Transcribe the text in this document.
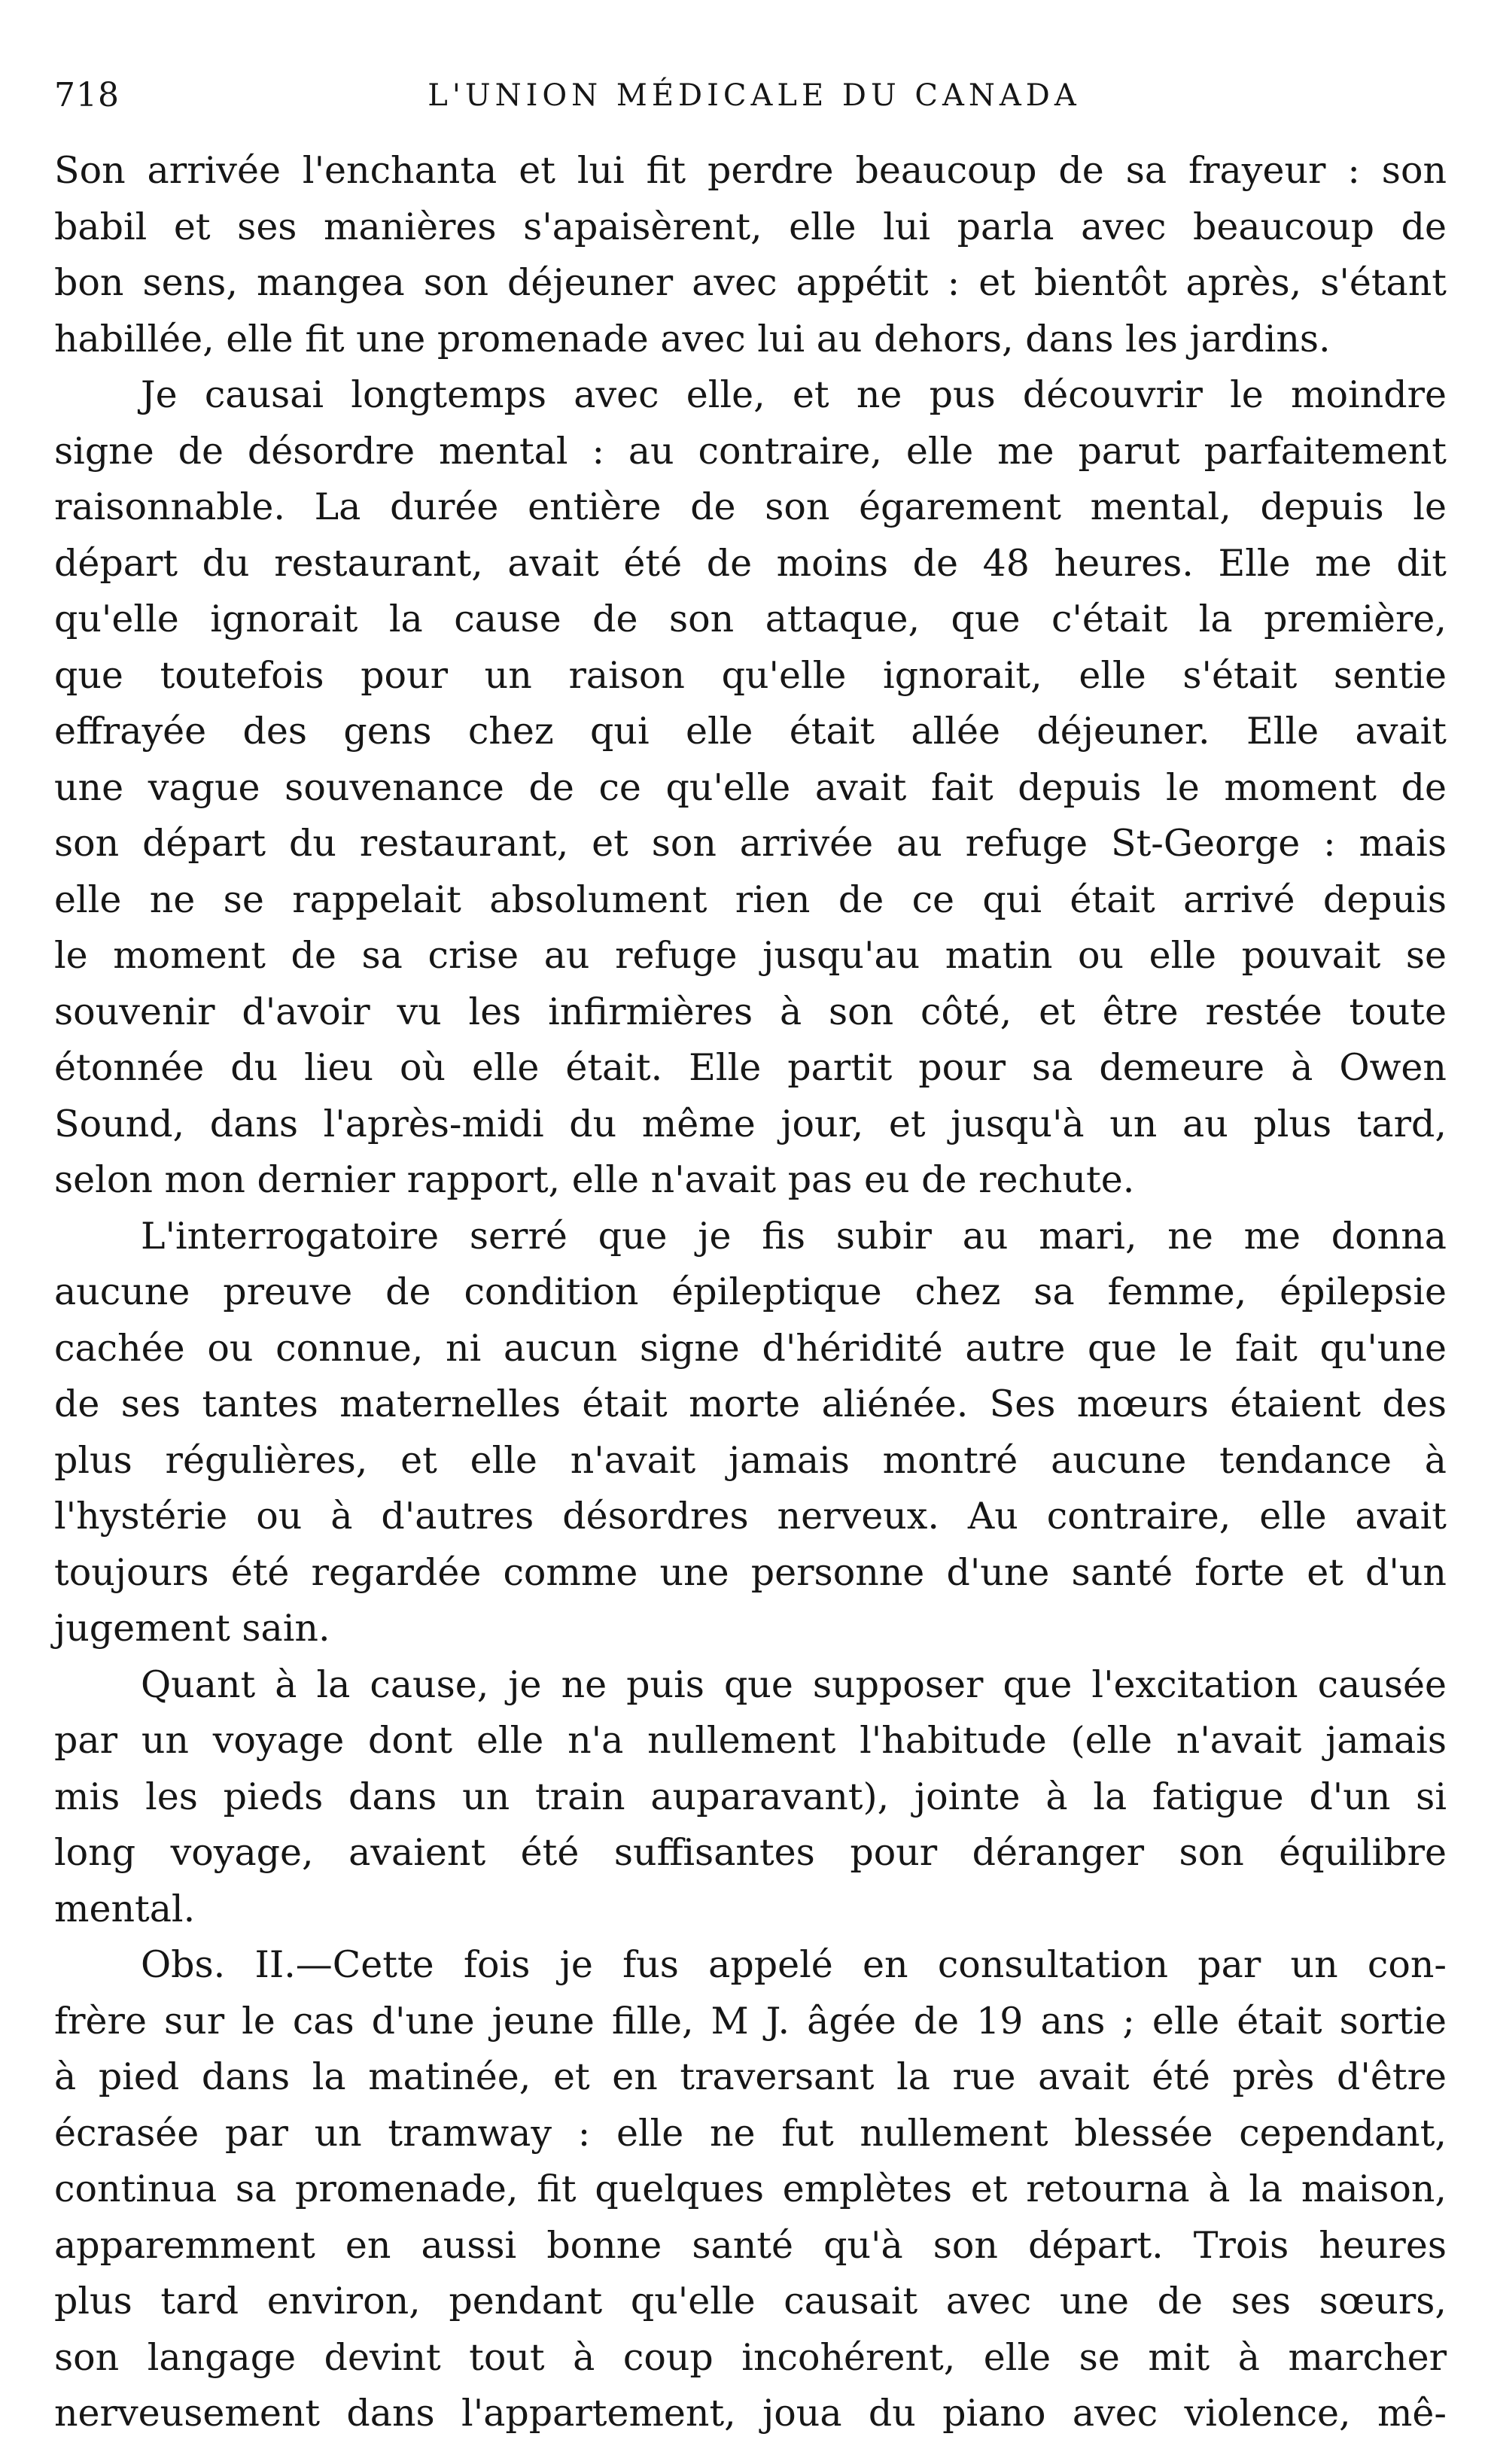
718	L'UNION MÉDICALE DU CANADA
Son arrivée l'enchanta et lui fit perdre beaucoup de sa frayeur : son
babil et ses manières s'apaisèrent, elle lui parla avec beaucoup de
bon sens, mangea son déjeuner avec appétit : et bientôt après, s'étant
habillée, elle fit une promenade avec lui au dehors, dans les jardins.
Je causai longtemps avec elle, et ne pus découvrir le moindre
signe de désordre mental : au contraire, elle me parut parfaitement
raisonnable. La durée entière de son égarement mental, depuis le
départ du restaurant, avait été de moins de 48 heures. Elle me dit
qu'elle ignorait la cause de son attaque, que c'était la première,
que toutefois pour un raison qu'elle ignorait, elle s'était sentie
effrayée des gens chez qui elle était allée déjeuner. Elle avait
une vague souvenance de ce qu'elle avait fait depuis le moment de
son départ du restaurant, et son arrivée au refuge St-George : mais
elle ne se rappelait absolument rien de ce qui était arrivé depuis
le moment de sa crise au refuge jusqu'au matin ou elle pouvait se
souvenir d'avoir vu les infirmières à son côté, et être restée toute
étonnée du lieu où elle était. Elle partit pour sa demeure à Owen
Sound, dans l'après-midi du même jour, et jusqu'à un au plus tard,
selon mon dernier rapport, elle n'avait pas eu de rechute.
L'interrogatoire serré que je fis subir au mari, ne me donna
aucune preuve de condition épileptique chez sa femme, épilepsie
cachée ou connue, ni aucun signe d'héridité autre que le fait qu'une
de ses tantes maternelles était morte aliénée. Ses mœurs étaient des
plus régulières, et elle n'avait jamais montré aucune tendance à
l'hystérie ou à d'autres désordres nerveux. Au contraire, elle avait
toujours été regardée comme une personne d'une santé forte et d'un
jugement sain.
Quant à la cause, je ne puis que supposer que l'excitation causée
par un voyage dont elle n'a nullement l'habitude (elle n'avait jamais
mis les pieds dans un train auparavant), jointe à la fatigue d'un si
long voyage, avaient été suffisantes pour déranger son équilibre
mental.
Obs. II.—Cette fois je fus appelé en consultation par un con-
frère sur le cas d'une jeune fille, M J. âgée de 19 ans ; elle était sortie
à pied dans la matinée, et en traversant la rue avait été près d'être
écrasée par un tramway : elle ne fut nullement blessée cependant,
continua sa promenade, fit quelques emplètes et retourna à la maison,
apparemment en aussi bonne santé qu'à son départ. Trois heures
plus tard environ, pendant qu'elle causait avec une de ses sœurs,
son langage devint tout à coup incohérent, elle se mit à marcher
nerveusement dans l'appartement, joua du piano avec violence, mê-
